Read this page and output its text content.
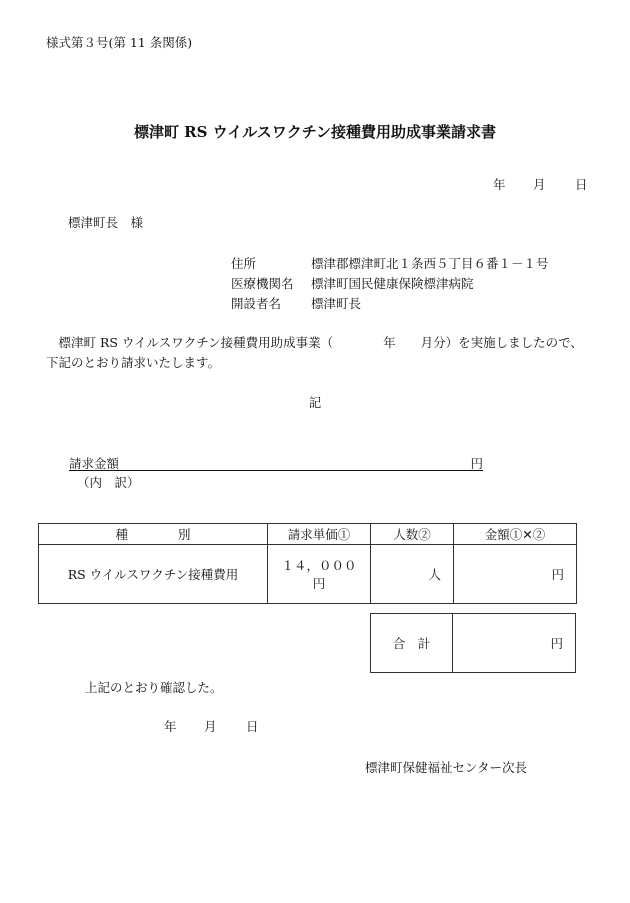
様式第３号(第 11 条関係)
標津町 RS ウイルスワクチン接種費用助成事業請求書
年 月 日
標津町長　様
住所	標津郡標津町北１条西５丁目６番１－１号
医療機関名 標津町国民健康保険標津病院
開設者名 標津町長
　標津町 RS ウイルスワクチン接種費用助成事業（　　　　年　　月分）を実施しましたので、下記のとおり請求いたします。
記
請求金額	円
（内　訳）
種　　　　別	請求単価①	人数②	金額①✕②
RS ウイルスワクチン接種費用	１４，０００円	人	円
合　計	円
上記のとおり確認した。
年 月 日
標津町保健福祉センター次長
